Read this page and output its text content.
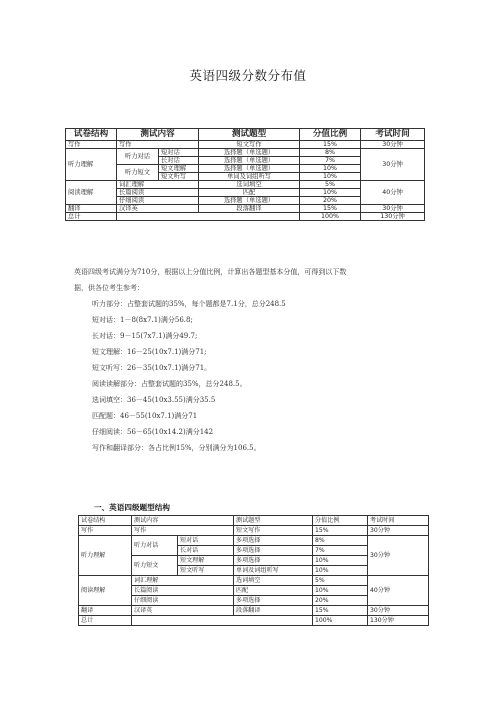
英语四级分数分布值
试卷结构	测试内容		测试题型	分值比例	考试时间
写作	写作		短文写作	15%	30分钟
听力理解	听力对话	短对话	选择题（单选题）	8%	30分钟
		长对话	选择题（单选题）	7%	
	听力短文	短文理解	选择题（单选题）	10%	
		短文听写	单词及词组听写	10%	
阅读理解	词汇理解		选词填空	5%	40分钟
	长篇阅读		匹配	10%	
	仔细阅读		选择题（单选题）	20%	
翻译	汉译英		段落翻译	15%	30分钟
总计				100%	130分钟
英语四级考试满分为710分，根据以上分值比例，计算出各题型基本分值，可得到以下数
据，供各位考生参考：
听力部分：占整套试题的35%，每个题都是7.1分，总分248.5
短对话：1－8(8x7.1)满分56.8;
长对话：9－15(7x7.1)满分49.7;
短文理解：16－25(10x7.1)满分71;
短文听写：26－35(10x7.1)满分71。
阅读读解部分：占整套试题的35%，总分248.5。
选词填空：36－45(10x3.55)满分35.5
匹配题：46－55(10x7.1)满分71
仔细阅读：56－65(10x14.2)满分142
写作和翻译部分：各占比例15%，分别满分为106.5。
一、英语四级题型结构
试卷结构	测试内容		测试题型	分值比例	考试时间
写作	写作		短文写作	15%	30分钟
听力理解	听力对话	短对话	多项选择	8%	30分钟
		长对话	多项选择	7%	
	听力短文	短文理解	多项选择	10%	
		短文听写	单词及词组听写	10%	
阅读理解	词汇理解		选词填空	5%	40分钟
	长篇阅读		匹配	10%	
	仔细阅读		多项选择	20%	
翻译	汉译英		段落翻译	15%	30分钟
总计				100%	130分钟
